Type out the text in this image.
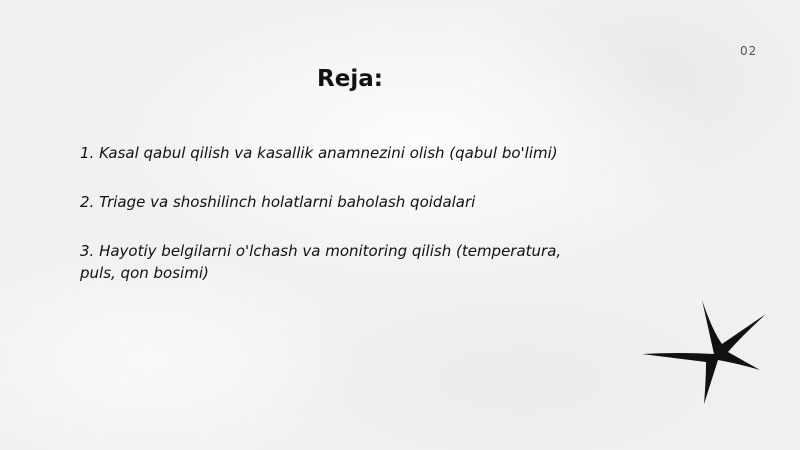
02
Reja:
1. Kasal qabul qilish va kasallik anamnezini olish (qabul bo'limi)
2. Triage va shoshilinch holatlarni baholash qoidalari
3. Hayotiy belgilarni o'lchash va monitoring qilish (temperatura, puls, qon bosimi)
